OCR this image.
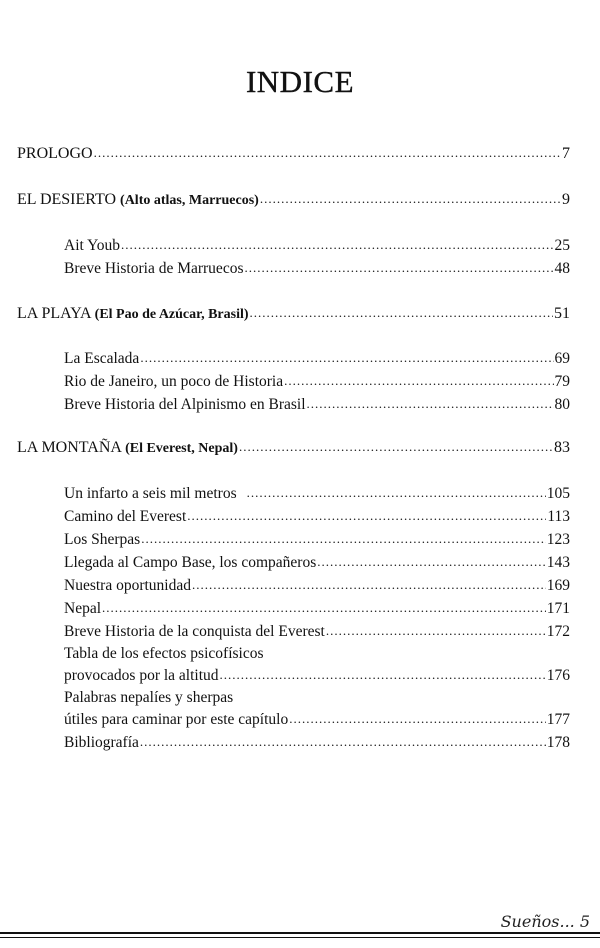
INDICE
PROLOGO .....	7
EL DESIERTO (Alto atlas, Marruecos) .....	9
Ait Youb .....	25
Breve Historia de Marruecos .....	48
LA PLAYA (El Pao de Azúcar, Brasil) .....	51
La Escalada .....	69
Rio de Janeiro, un poco de Historia .....	79
Breve Historia del Alpinismo en Brasil .....	80
LA MONTAÑA (El Everest, Nepal) .....	83
Un infarto a seis mil metros .....	105
Camino del Everest .....	113
Los Sherpas .....	123
Llegada al Campo Base, los compañeros .....	143
Nuestra oportunidad .....	169
Nepal .....	171
Breve Historia de la conquista del Everest .....	172
Tabla de los efectos psicofísicos
provocados por la altitud .....	176
Palabras nepalíes y sherpas
útiles para caminar por este capítulo .....	177
Bibliografía .....	178
Sueños... 5
